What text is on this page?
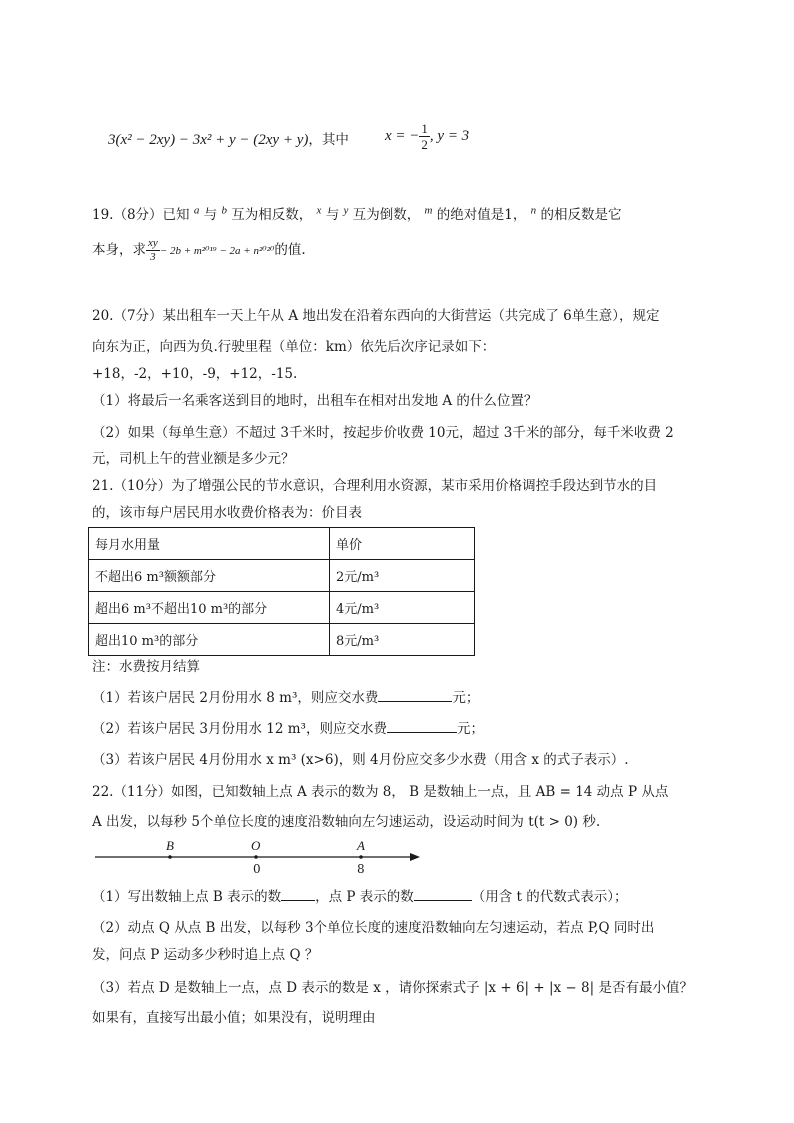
3(x² − 2xy) − 3x² + y − (2xy + y)，其中 x = − $\frac{1}{2}$ , y = 3
19.（8分）已知 $^a$ 与 $^b$ 互为相反数， $^x$ 与 $^y$ 互为倒数， $^m$ 的绝对值是1， $^n$ 的相反数是它
本身，求 $\frac{xy}{3} - 2b + m^{2019} - 2a + n^{2020}$的值.
20.（7分）某出租车一天上午从 A 地出发在沿着东西向的大街营运（共完成了 6单生意），规定
向东为正，向西为负.行驶里程（单位：km）依先后次序记录如下：
+18，-2，+10，-9，+12，-15.
（1）将最后一名乘客送到目的地时，出租车在相对出发地 A 的什么位置？
（2）如果（每单生意）不超过 3千米时，按起步价收费 10元，超过 3千米的部分，每千米收费 2
元，司机上午的营业额是多少元？
21.（10分）为了增强公民的节水意识，合理利用水资源，某市采用价格调控手段达到节水的目
的，该市每户居民用水收费价格表为：价目表
每月水用量	单价
不超出6 m³额额部分	2元/m³
超出6 m³不超出10 m³的部分	4元/m³
超出10 m³的部分	8元/m³
注：水费按月结算
（1）若该户居民 2月份用水 8 m³，则应交水费	元；
（2）若该户居民 3月份用水 12 m³，则应交水费	元；
（3）若该户居民 4月份用水 x m³ (x>6)，则 4月份应交多少水费（用含 x 的式子表示）.
22.（11分）如图，已知数轴上点 A 表示的数为 8， B 是数轴上一点，且 AB = 14 动点 P 从点
A 出发，以每秒 5个单位长度的速度沿数轴向左匀速运动，设运动时间为 t(t > 0) 秒.
B	O	A
0	8
（1）写出数轴上点 B 表示的数	，点 P 表示的数	（用含 t 的代数式表示）；
（2）动点 Q 从点 B 出发，以每秒 3个单位长度的速度沿数轴向左匀速运动，若点 P,Q 同时出
发，问点 P 运动多少秒时追上点 Q ？
（3）若点 D 是数轴上一点，点 D 表示的数是 x ，请你探索式子 |x + 6| + |x − 8| 是否有最小值？
如果有，直接写出最小值；如果没有，说明理由
